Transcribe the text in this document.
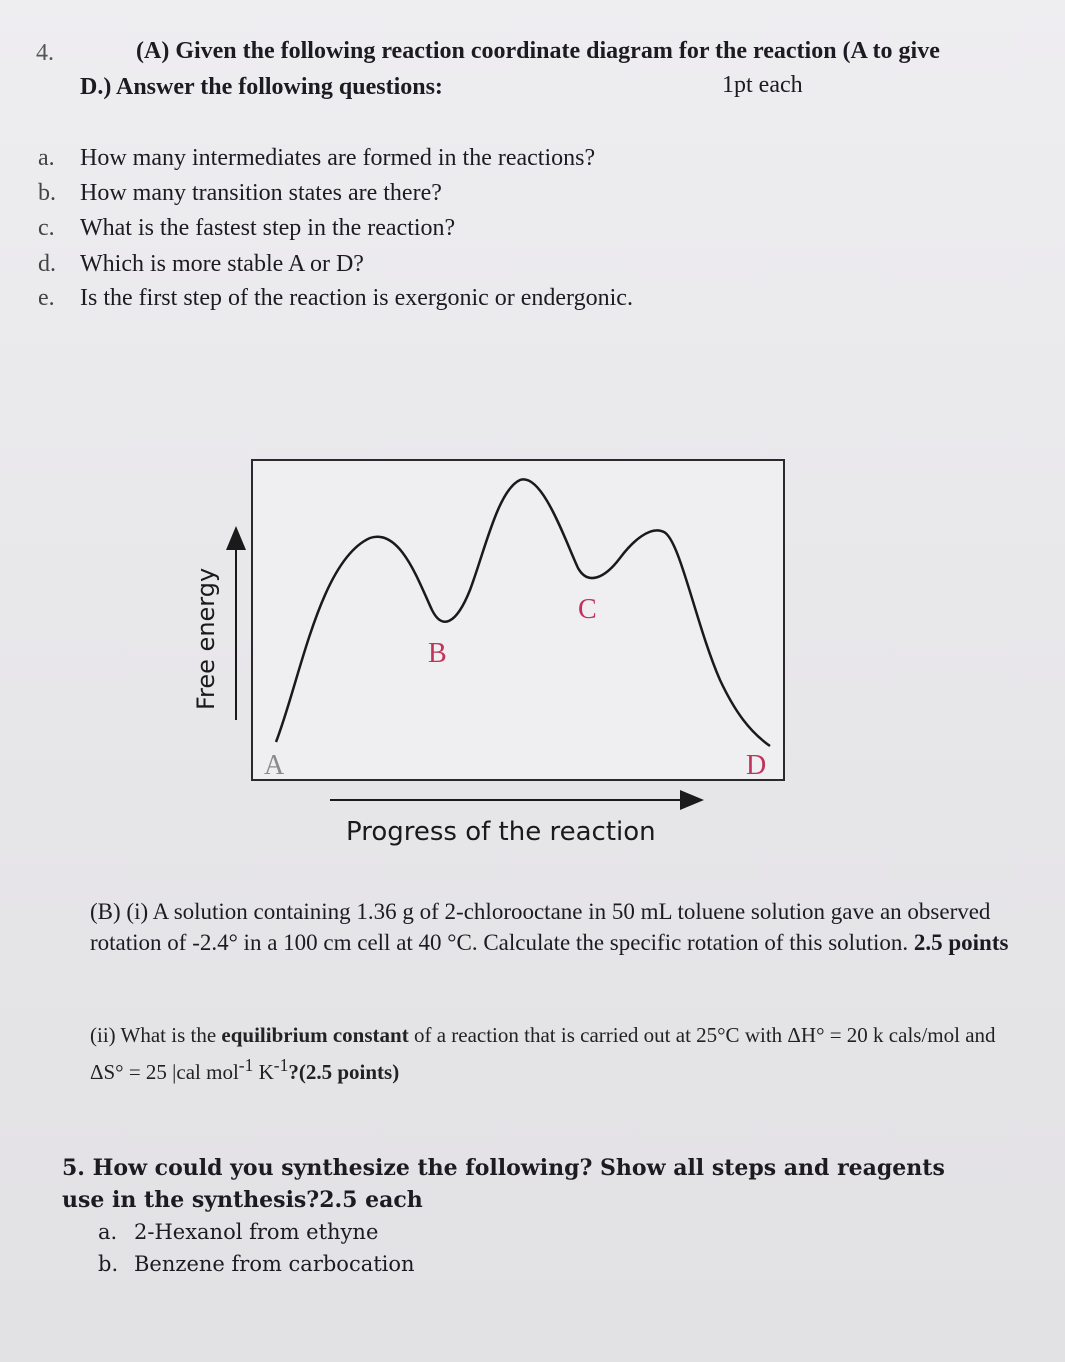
4.	(A) Given the following reaction coordinate diagram for the reaction (A to give
D.) Answer the following questions:	1pt each
a. How many intermediates are formed in the reactions?
b. How many transition states are there?
c. What is the fastest step in the reaction?
d. Which is more stable A or D?
e. Is the first step of the reaction is exergonic or endergonic.
Free energy
Progress of the reaction
A
B
C
D
(B) (i) A solution containing 1.36 g of 2-chlorooctane in 50 mL toluene solution gave an observed rotation of -2.4° in a 100 cm cell at 40 °C. Calculate the specific rotation of this solution. 2.5 points
(ii) What is the equilibrium constant of a reaction that is carried out at 25°C with ΔH° = 20 k cals/mol and ΔS° = 25 |cal mol$^{-1}$ $K^{-1}?(2.5$ points)
5. How could you synthesize the following? Show all steps and reagents use in the synthesis?2.5 each
a. 2-Hexanol from ethyne
b. Benzene from carbocation
